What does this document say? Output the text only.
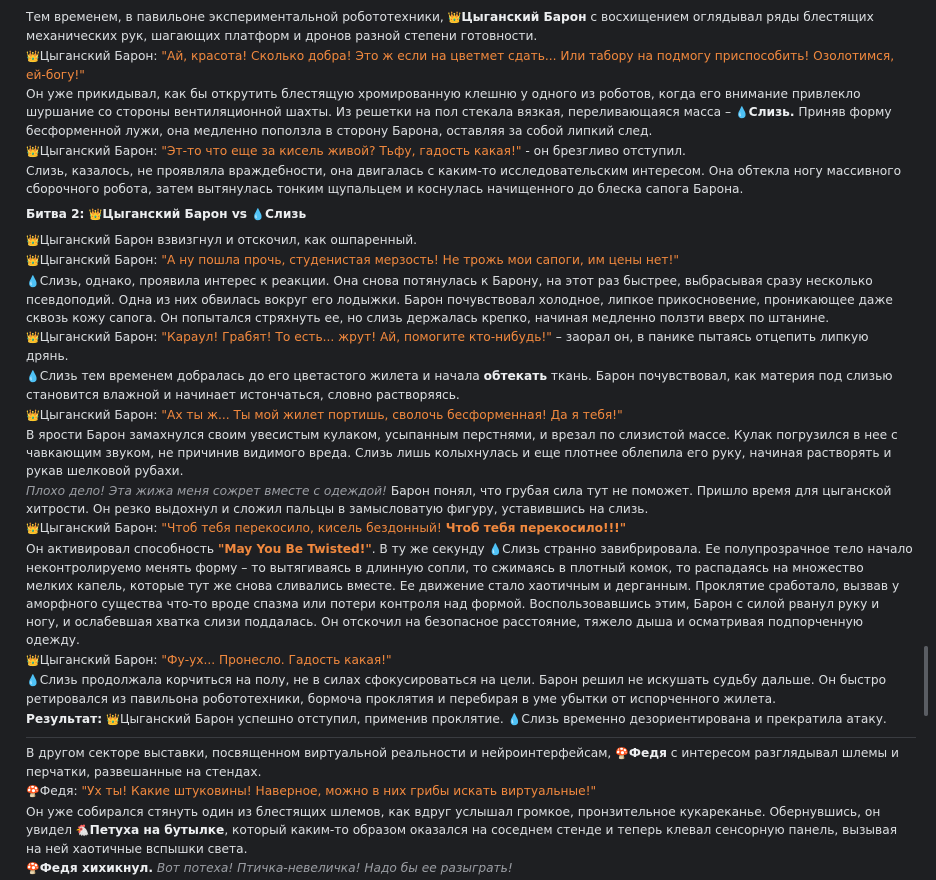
Тем временем, в павильоне экспериментальной робототехники, 👑Цыганский Барон с восхищением оглядывал ряды блестящих механических рук, шагающих платформ и дронов разной степени готовности.

👑Цыганский Барон: "Ай, красота! Сколько добра! Это ж если на цветмет сдать... Или табору на подмогу приспособить! Озолотимся, ей-богу!"

Он уже прикидывал, как бы открутить блестящую хромированную клешню у одного из роботов, когда его внимание привлекло шуршание со стороны вентиляционной шахты. Из решетки на пол стекала вязкая, переливающаяся масса – 💧Слизь. Приняв форму бесформенной лужи, она медленно поползла в сторону Барона, оставляя за собой липкий след.

👑Цыганский Барон: "Эт-то что еще за кисель живой? Тьфу, гадость какая!" - он брезгливо отступил.

Слизь, казалось, не проявляла враждебности, она двигалась с каким-то исследовательским интересом. Она обтекла ногу массивного сборочного робота, затем вытянулась тонким щупальцем и коснулась начищенного до блеска сапога Барона.

Битва 2: 👑Цыганский Барон vs 💧Слизь

👑Цыганский Барон взвизгнул и отскочил, как ошпаренный.

👑Цыганский Барон: "А ну пошла прочь, студенистая мерзость! Не трожь мои сапоги, им цены нет!"

💧Слизь, однако, проявила интерес к реакции. Она снова потянулась к Барону, на этот раз быстрее, выбрасывая сразу несколько псевдоподий. Одна из них обвилась вокруг его лодыжки. Барон почувствовал холодное, липкое прикосновение, проникающее даже сквозь кожу сапога. Он попытался стряхнуть ее, но слизь держалась крепко, начиная медленно ползти вверх по штанине.

👑Цыганский Барон: "Караул! Грабят! То есть... жрут! Ай, помогите кто-нибудь!" – заорал он, в панике пытаясь отцепить липкую дрянь.

💧Слизь тем временем добралась до его цветастого жилета и начала обтекать ткань. Барон почувствовал, как материя под слизью становится влажной и начинает истончаться, словно растворяясь.

👑Цыганский Барон: "Ах ты ж... Ты мой жилет портишь, сволочь бесформенная! Да я тебя!"

В ярости Барон замахнулся своим увесистым кулаком, усыпанным перстнями, и врезал по слизистой массе. Кулак погрузился в нее с чавкающим звуком, не причинив видимого вреда. Слизь лишь колыхнулась и еще плотнее облепила его руку, начиная растворять и рукав шелковой рубахи.

Плохо дело! Эта жижа меня сожрет вместе с одеждой! Барон понял, что грубая сила тут не поможет. Пришло время для цыганской хитрости. Он резко выдохнул и сложил пальцы в замысловатую фигуру, уставившись на слизь.

👑Цыганский Барон: "Чтоб тебя перекосило, кисель бездонный! Чтоб тебя перекосило!!!"

Он активировал способность "May You Be Twisted!". В ту же секунду 💧Слизь странно завибрировала. Ее полупрозрачное тело начало неконтролируемо менять форму – то вытягиваясь в длинную сопли, то сжимаясь в плотный комок, то распадаясь на множество мелких капель, которые тут же снова сливались вместе. Ее движение стало хаотичным и дерганным. Проклятие сработало, вызвав у аморфного существа что-то вроде спазма или потери контроля над формой. Воспользовавшись этим, Барон с силой рванул руку и ногу, и ослабевшая хватка слизи поддалась. Он отскочил на безопасное расстояние, тяжело дыша и осматривая подпорченную одежду.

👑Цыганский Барон: "Фу-ух... Пронесло. Гадость какая!"

💧Слизь продолжала корчиться на полу, не в силах сфокусироваться на цели. Барон решил не искушать судьбу дальше. Он быстро ретировался из павильона робототехники, бормоча проклятия и перебирая в уме убытки от испорченного жилета.

Результат: 👑Цыганский Барон успешно отступил, применив проклятие. 💧Слизь временно дезориентирована и прекратила атаку.

В другом секторе выставки, посвященном виртуальной реальности и нейроинтерфейсам, 🍄Федя с интересом разглядывал шлемы и перчатки, развешанные на стендах.

🍄Федя: "Ух ты! Какие штуковины! Наверное, можно в них грибы искать виртуальные!"

Он уже собирался стянуть один из блестящих шлемов, как вдруг услышал громкое, пронзительное кукареканье. Обернувшись, он увидел 🐔Петуха на бутылке, который каким-то образом оказался на соседнем стенде и теперь клевал сенсорную панель, вызывая на ней хаотичные вспышки света.

🍄Федя хихикнул. Вот потеха! Птичка-невеличка! Надо бы ее разыграть!
